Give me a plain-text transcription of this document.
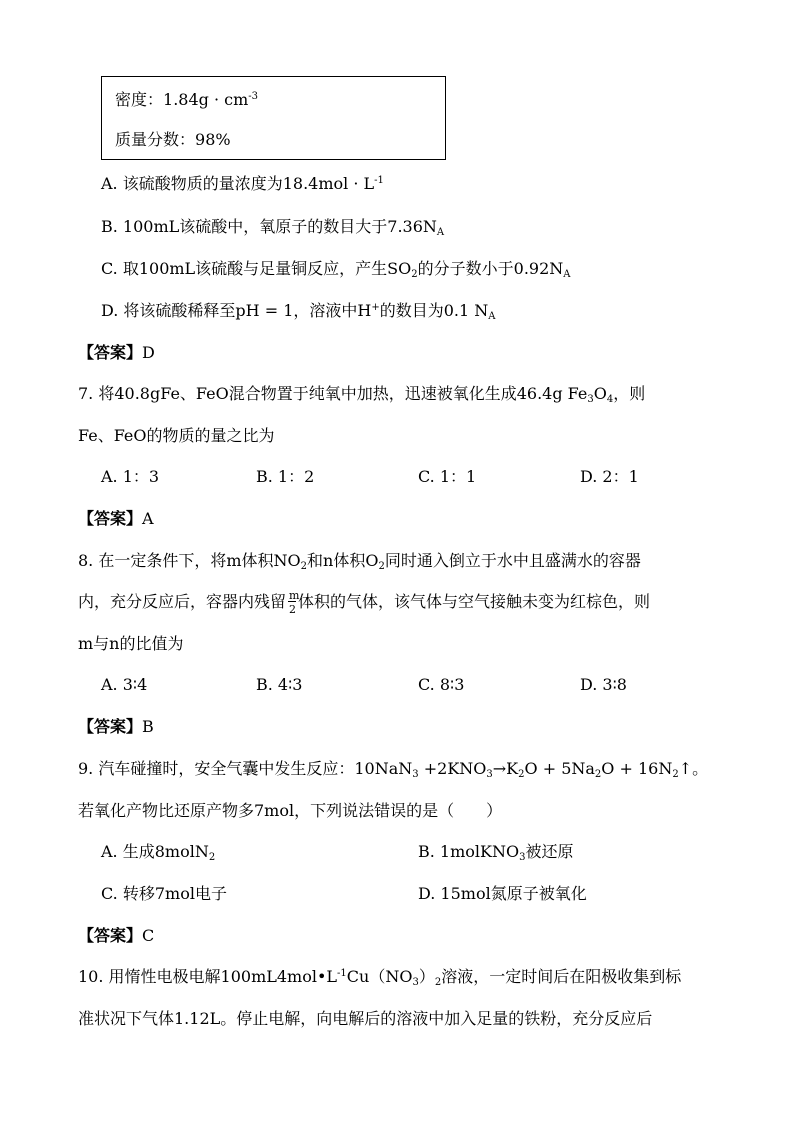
密度：$1.84g \cdot cm^{-3}$
质量分数：98%
A. 该硫酸物质的量浓度为$18.4mol \cdot L^{-1}$
B. 100mL该硫酸中，氧原子的数目大于$7.36N_A$
C. 取100mL该硫酸与足量铜反应，产生$SO_2$的分子数小于$0.92N_A$
D. 将该硫酸稀释至pH = 1，溶液中H+的数目为0.1 $N_A$
【答案】D
7. 将40.8gFe、FeO混合物置于纯氧中加热，迅速被氧化生成46.4g $Fe_3O_4$，则
Fe、FeO的物质的量之比为
A. 1：3	B. 1：2	C. 1：1	D. 2：1
【答案】A
8. 在一定条件下，将m体积$NO_2$和n体积$O_2$同时通入倒立于水中且盛满水的容器
内，充分反应后，容器内残留 m
2 体积的气体，该气体与空气接触未变为红棕色，则
m与n的比值为
A. 3∶4	B. 4∶3	C. 8∶3	D. 3∶8
【答案】B
9. 汽车碰撞时，安全气囊中发生反应：$10NaN_3 +2KNO_3\to K_2O + 5Na_2O$ + $16N_2↑$。
若氧化产物比还原产物多7mol，下列说法错误的是（　　）
A. 生成8molN$_2$	B. 1molKNO$_3$被还原
C. 转移7mol电子	D. 15mol氮原子被氧化
【答案】C
10. 用惰性电极电解$100mL4mol•L^{-1}Cu(NO_3)_2$溶液，一定时间后在阳极收集到标
准状况下气体1.12L。停止电解，向电解后的溶液中加入足量的铁粉，充分反应后
